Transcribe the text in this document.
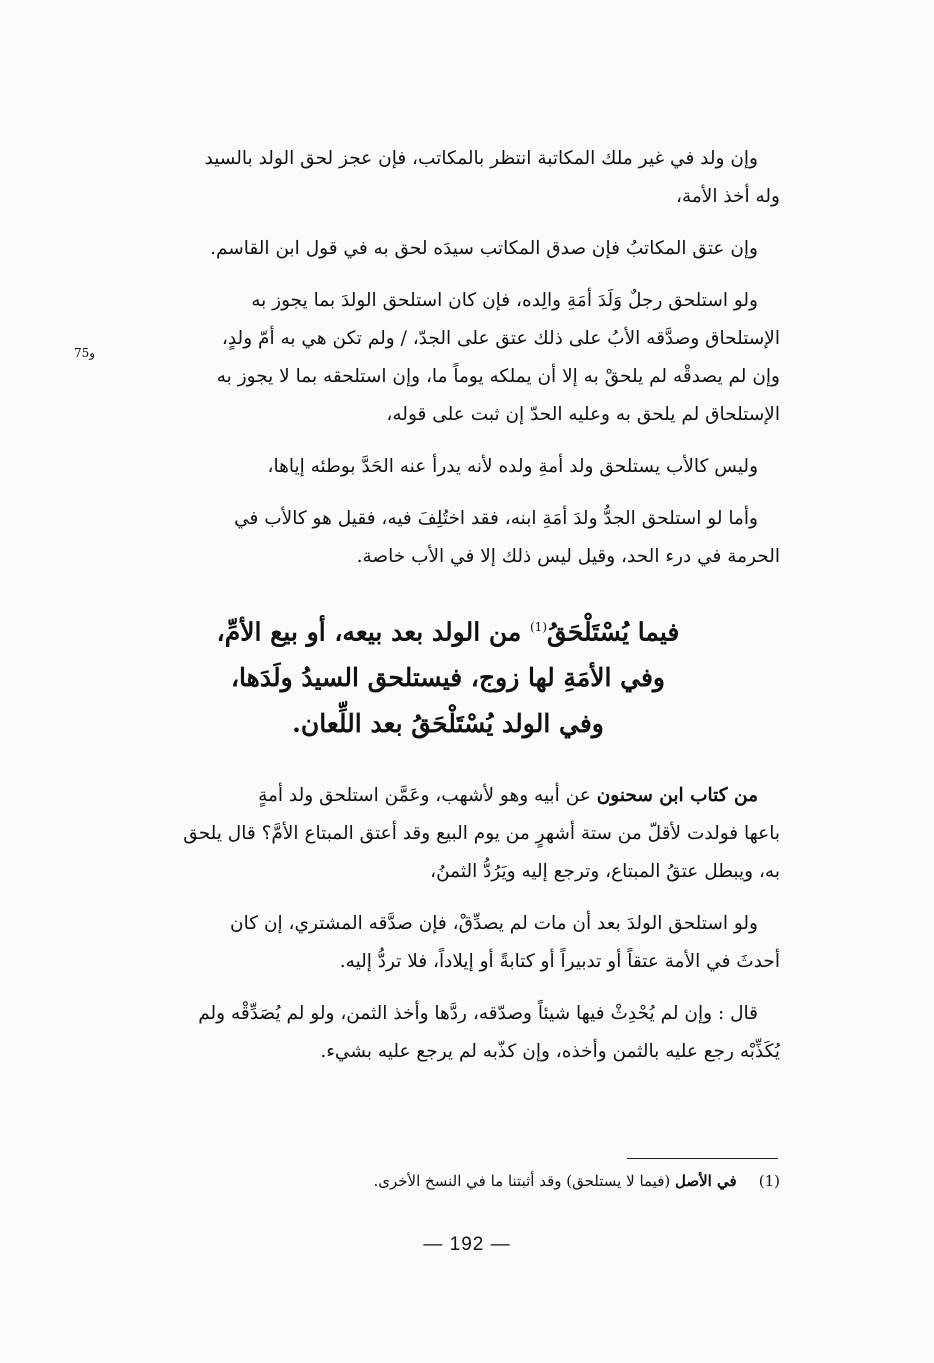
75و
وإن ولد في غير ملك المكاتبة انتظر بالمكاتب، فإن عجز لحق الولد بالسيد
وله أخذ الأمة،
وإن عتق المكاتبُ فإن صدق المكاتب سيدَه لحق به في قول ابن القاسم.
ولو استلحق رجلٌ وَلَدَ أمَةِ والِده، فإن كان استلحق الولدَ بما يجوز به
الإستلحاق وصدَّقه الأبُ على ذلك عتق على الجدّ، / ولم تكن هي به أمّ ولدٍ،
وإن لم يصدقْه لم يلحقْ به إلا أن يملكه يوماً ما، وإن استلحقه بما لا يجوز به
الإستلحاق لم يلحق به وعليه الحدّ إن ثبت على قوله،
وليس كالأب يستلحق ولد أمةِ ولده لأنه يدرأ عنه الحَدَّ بوطئه إياها،
وأما لو استلحق الجدُّ ولدَ أمَةِ ابنه، فقد اختُلِفَ فيه، فقيل هو كالأب في
الحرمة في درء الحد، وقيل ليس ذلك إلا في الأب خاصة.
فيما يُسْتَلْحَقُ$^{(1)}$ من الولد بعد بيعه، أو بيع الأمِّ،
وفي الأمَةِ لها زوج، فيستلحق السيدُ ولَدَها،
وفي الولد يُسْتَلْحَقُ بعد اللِّعان.
من كتاب ابن سحنون عن أبيه وهو لأشهب، وعَمَّن استلحق ولد أمةٍ
باعها فولدت لأقلّ من ستة أشهرٍ من يوم البيع وقد أعتق المبتاع الأمَّ؟ قال يلحق
به، ويبطل عتقُ المبتاع، وترجع إليه ويَرُدُّ الثمنُ،
ولو استلحق الولدَ بعد أن مات لم يصدِّقْ، فإن صدَّقه المشتري، إن كان
أحدثَ في الأمة عتقاً أو تدبيراً أو كتابةً أو إيلاداً، فلا تردُّ إليه.
قال : وإن لم يُحْدِثْ فيها شيئاً وصدّقه، ردَّها وأخذ الثمن، ولو لم يُصَدِّقْه ولم
يُكَذِّبْه رجع عليه بالثمن وأخذه، وإن كذّبه لم يرجع عليه بشيء.
(1)في الأصل (فيما لا يستلحق) وقد أثبتنا ما في النسخ الأخرى.
— 192 —
